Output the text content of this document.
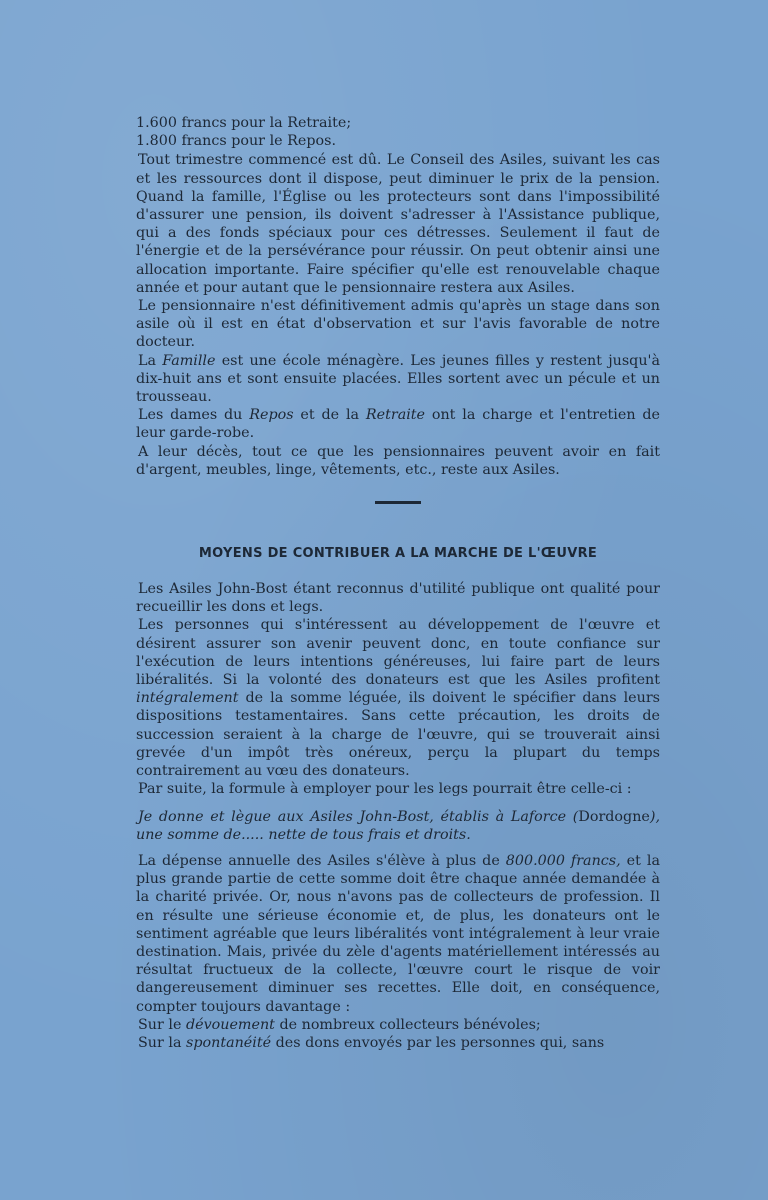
1.600 francs pour la Retraite;

1.800 francs pour le Repos.

Tout trimestre commencé est dû. Le Conseil des Asiles, suivant les cas et les ressources dont il dispose, peut diminuer le prix de la pension. Quand la famille, l'Église ou les protecteurs sont dans l'impossibilité d'assurer une pension, ils doivent s'adresser à l'Assistance publique, qui a des fonds spéciaux pour ces détresses. Seulement il faut de l'énergie et de la persévérance pour réussir. On peut obtenir ainsi une allocation importante. Faire spécifier qu'elle est renouvelable chaque année et pour autant que le pensionnaire restera aux Asiles.

Le pensionnaire n'est définitivement admis qu'après un stage dans son asile où il est en état d'observation et sur l'avis favorable de notre docteur.

La Famille est une école ménagère. Les jeunes filles y restent jusqu'à dix-huit ans et sont ensuite placées. Elles sortent avec un pécule et un trousseau.

Les dames du Repos et de la Retraite ont la charge et l'entretien de leur garde-robe.

A leur décès, tout ce que les pensionnaires peuvent avoir en fait d'argent, meubles, linge, vêtements, etc., reste aux Asiles.

MOYENS DE CONTRIBUER A LA MARCHE DE L'ŒUVRE

Les Asiles John-Bost étant reconnus d'utilité publique ont qualité pour recueillir les dons et legs.

Les personnes qui s'intéressent au développement de l'œuvre et désirent assurer son avenir peuvent donc, en toute confiance sur l'exécution de leurs intentions généreuses, lui faire part de leurs libéralités. Si la volonté des donateurs est que les Asiles profitent intégralement de la somme léguée, ils doivent le spécifier dans leurs dispositions testamentaires. Sans cette précaution, les droits de succession seraient à la charge de l'œuvre, qui se trouverait ainsi grevée d'un impôt très onéreux, perçu la plupart du temps contrairement au vœu des donateurs.

Par suite, la formule à employer pour les legs pourrait être celle-ci :

Je donne et lègue aux Asiles John-Bost, établis à Laforce (Dordogne), une somme de..... nette de tous frais et droits.

La dépense annuelle des Asiles s'élève à plus de 800.000 francs, et la plus grande partie de cette somme doit être chaque année demandée à la charité privée. Or, nous n'avons pas de collecteurs de profession. Il en résulte une sérieuse économie et, de plus, les donateurs ont le sentiment agréable que leurs libéralités vont intégralement à leur vraie destination. Mais, privée du zèle d'agents matériellement intéressés au résultat fructueux de la collecte, l'œuvre court le risque de voir dangereusement diminuer ses recettes. Elle doit, en conséquence, compter toujours davantage :

Sur le dévouement de nombreux collecteurs bénévoles;

Sur la spontanéité des dons envoyés par les personnes qui, sans
